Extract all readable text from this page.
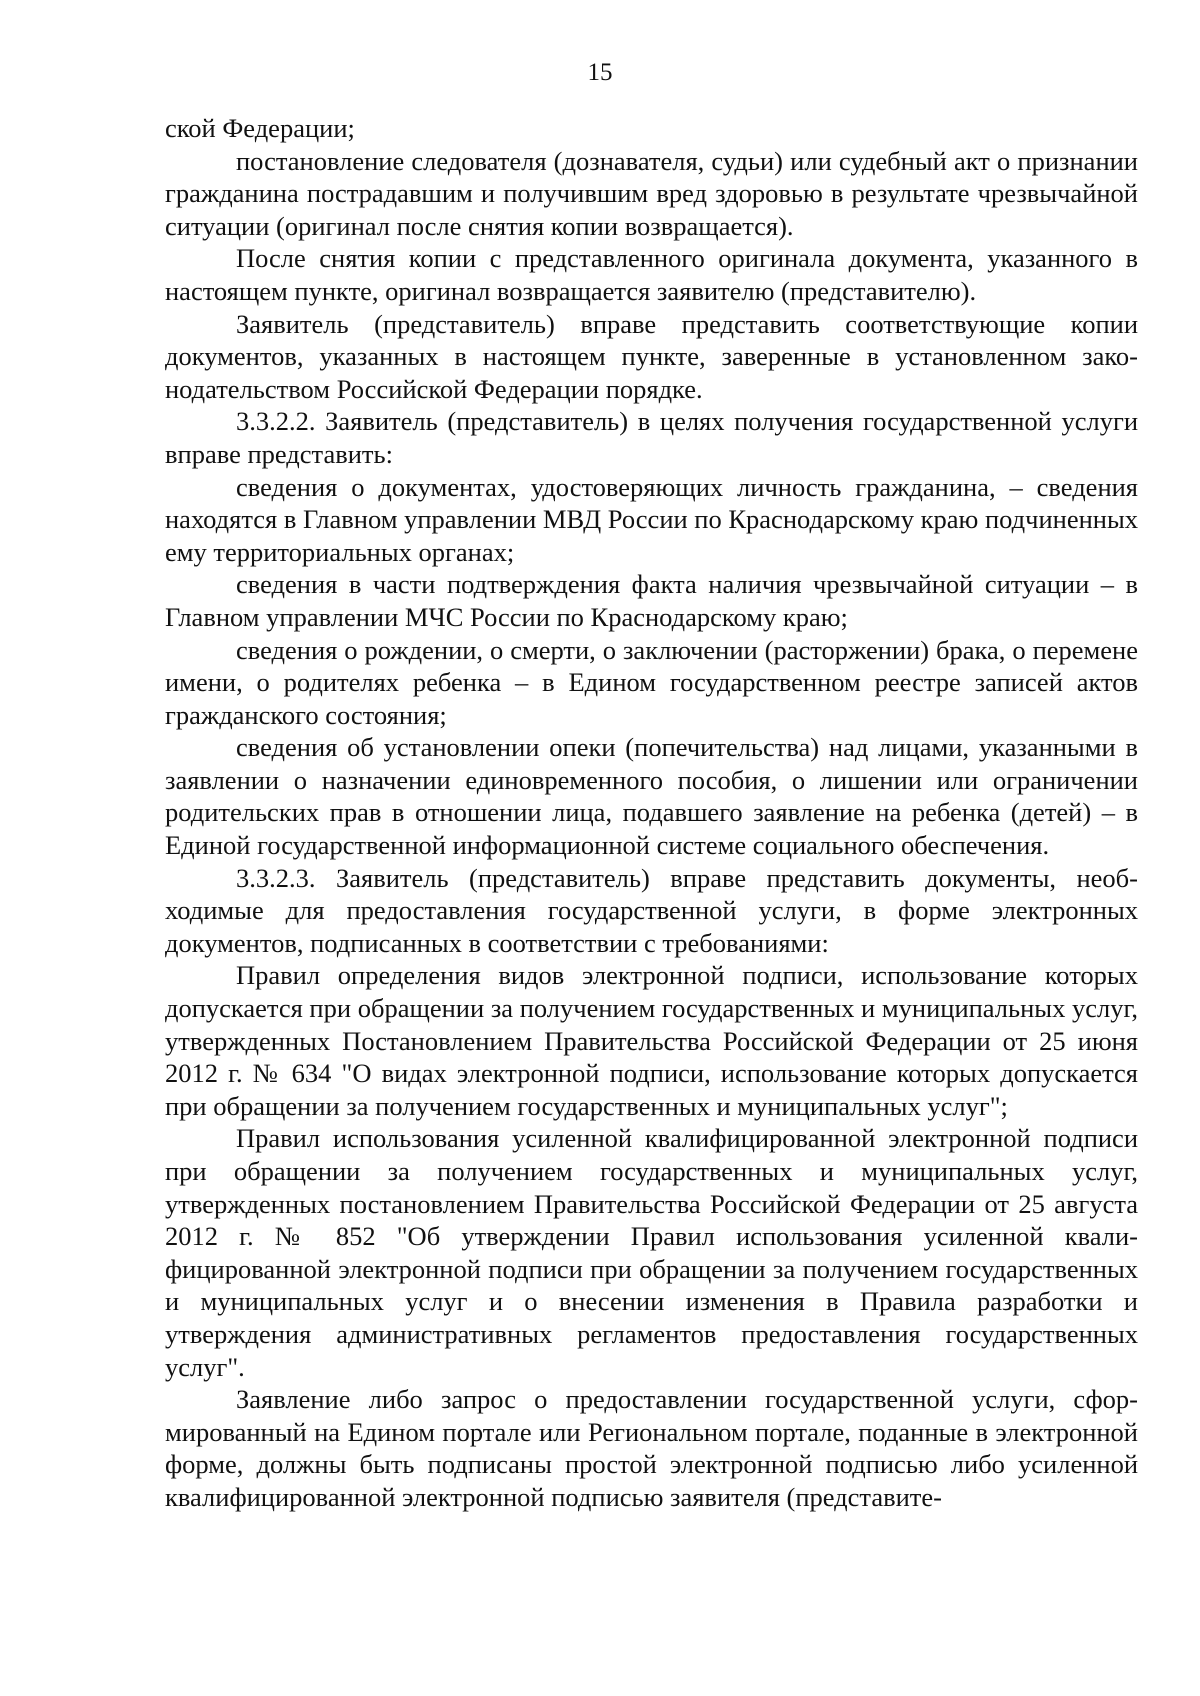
15

ской Федерации;

постановление следователя (дознавателя, судьи) или судебный акт о признании гражданина пострадавшим и получившим вред здоровью в результате чрезвычайной ситуации (оригинал после снятия копии возвращается).

После снятия копии с представленного оригинала документа, указанного в настоящем пункте, оригинал возвращается заявителю (представителю).

Заявитель (представитель) вправе представить соответствующие копии документов, указанных в настоящем пункте, заверенные в установленном законодательством Российской Федерации порядке.

3.3.2.2. Заявитель (представитель) в целях получения государственной услуги вправе представить:

сведения о документах, удостоверяющих личность гражданина, – сведения находятся в Главном управлении МВД России по Краснодарскому краю подчиненных ему территориальных органах;

сведения в части подтверждения факта наличия чрезвычайной ситуации – в Главном управлении МЧС России по Краснодарскому краю;

сведения о рождении, о смерти, о заключении (расторжении) брака, о перемене имени, о родителях ребенка – в Едином государственном реестре записей актов гражданского состояния;

сведения об установлении опеки (попечительства) над лицами, указанными в заявлении о назначении единовременного пособия, о лишении или ограничении родительских прав в отношении лица, подавшего заявление на ребенка (детей) – в Единой государственной информационной системе социального обеспечения.

3.3.2.3. Заявитель (представитель) вправе представить документы, необходимые для предоставления государственной услуги, в форме электронных документов, подписанных в соответствии с требованиями:

Правил определения видов электронной подписи, использование которых допускается при обращении за получением государственных и муниципальных услуг, утвержденных Постановлением Правительства Российской Федерации от 25 июня 2012 г. № 634 "О видах электронной подписи, использование которых допускается при обращении за получением государственных и муниципальных услуг";

Правил использования усиленной квалифицированной электронной подписи при обращении за получением государственных и муниципальных услуг, утвержденных постановлением Правительства Российской Федерации от 25 августа 2012 г. № 852 "Об утверждении Правил использования усиленной квалифицированной электронной подписи при обращении за получением государственных и муниципальных услуг и о внесении изменения в Правила разработки и утверждения административных регламентов предоставления государственных услуг".

Заявление либо запрос о предоставлении государственной услуги, сформированный на Едином портале или Региональном портале, поданные в электронной форме, должны быть подписаны простой электронной подписью либо усиленной квалифицированной электронной подписью заявителя (представите-
